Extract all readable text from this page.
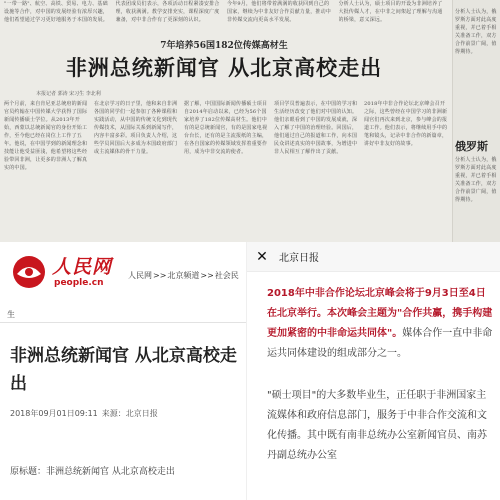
"一带一路"、航空、高铁、贸易、电力、基础设施等合作，对中国的发展经验有浓厚兴趣，他们希望通过学习更好地服务于本国的发展。

代表团成员们表示，各项活动日程紧凑安排合理，收获满满。教学安排充实，课程深度广度兼备，对中非合作有了更深刻的认识。

今年9月，他们将带着满满的收获回到自己的国家，继续为中非友好合作贡献力量，推动中非传媒交流向更高水平发展。

分析人士认为，硕士项目的开设为非洲培养了大批传媒人才，在中非之间架起了理解与沟通的桥梁，意义深远。

7年培养56国182位传媒高材生
非洲总统新闻官 从北京高校走出
本报记者 郭涛 宋习生 李北利

两个月前，来自肯尼亚总统府的新闻官员约翰在中国传媒大学获得了国际新闻传播硕士学位。从2013年开始，西蒙以总统新闻官的身份开始工作，至今他已经在岗位上工作了五年。他说，在中国学到的新闻理念和技能让他受益匪浅，他希望将这些经验带回非洲，让更多的非洲人了解真实的中国。

在北京学习的日子里，他和来自非洲各国的同学们一起参加了各种课程和实践活动，从中国的传统文化到现代传媒技术，从国际关系到新闻写作，内容丰富多彩。项目负责人介绍，这些学员回国后大多成为本国政府部门或主流媒体的骨干力量。

据了解，中国国际新闻传播硕士项目自2014年启动以来，已经为56个国家培养了182位传媒高材生。他们中有的是总统新闻官，有的是国家电视台台长，还有的是主流报纸的主编，在各自国家的传媒领域发挥着重要作用，成为中非交流的使者。

项目学员普遍表示，在中国的学习和生活经历改变了他们对中国的认知。他们亲眼看到了中国的发展成就，深入了解了中国的治理经验。回国后，他们通过自己的报道和工作，向本国民众讲述真实的中国故事，为增进中非人民相互了解作出了贡献。

2018年中非合作论坛北京峰会召开之际，这些曾经在中国学习的非洲新闻官们再次来到北京，参与峰会的报道工作。他们表示，将继续用手中的笔和镜头，记录中非合作的新篇章，讲好中非友好的故事。

分析人士认为，俄罗斯方面对此高度重视，并已着手相关准备工作，双方合作前景广阔，值得期待。

俄罗斯

分析人士认为，俄罗斯方面对此高度重视，并已着手相关准备工作，双方合作前景广阔，值得期待。

人民网
people.cn
人民网>>北京频道>>社会民
生
非洲总统新闻官 从北京高校走出
2018年09月01日09:11 来源：北京日报
原标题：非洲总统新闻官 从北京高校走出
✕	北京日报

2018年中非合作论坛北京峰会将于9月3日至4日在北京举行。本次峰会主题为"合作共赢，携手构建更加紧密的中非命运共同体"。媒体合作一直中非命运共同体建设的组成部分之一。

"硕士项目"的大多数毕业生，正任职于非洲国家主流媒体和政府信息部门，服务于中非合作交流和文化传播。其中既有南非总统办公室新闻官员、南苏丹副总统办公室
